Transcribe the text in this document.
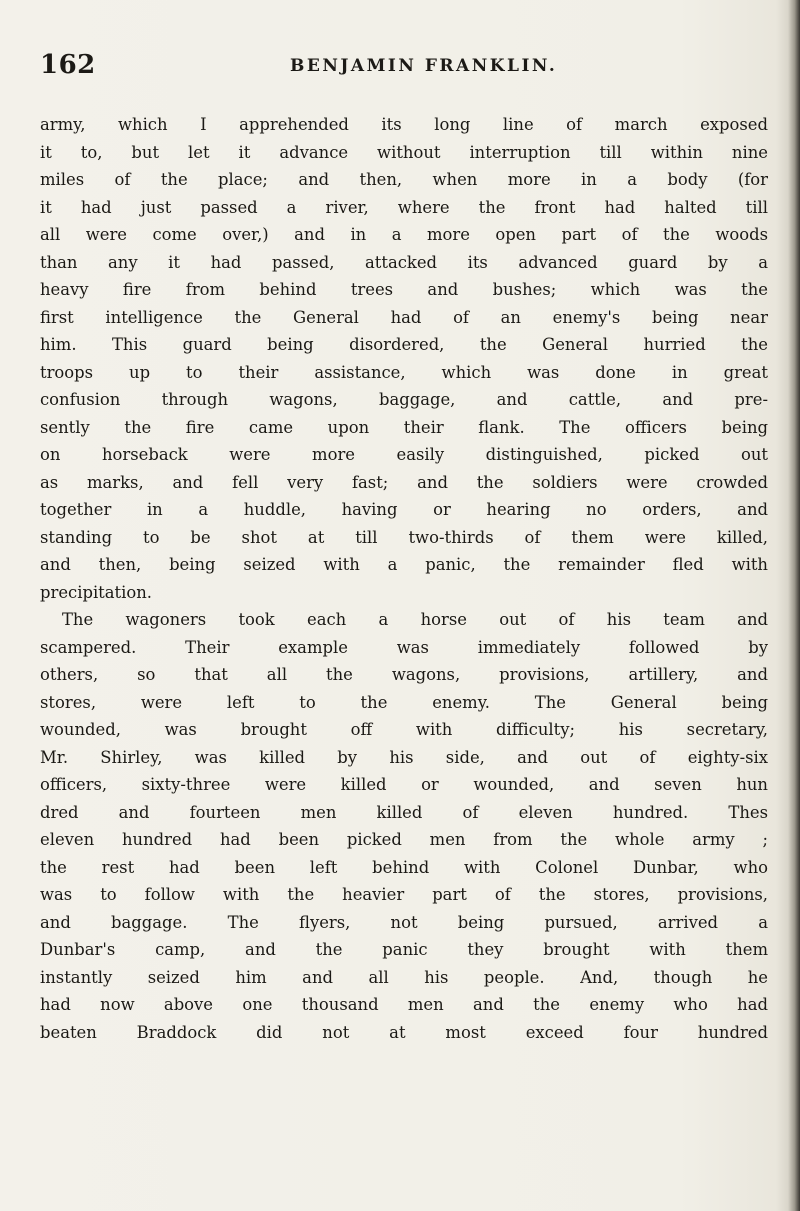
162	BENJAMIN FRANKLIN.
army, which I apprehended its long line of march exposed
it to, but let it advance without interruption till within nine
miles of the place; and then, when more in a body (for
it had just passed a river, where the front had halted till
all were come over,) and in a more open part of the woods
than any it had passed, attacked its advanced guard by a
heavy fire from behind trees and bushes; which was the
first intelligence the General had of an enemy's being near
him. This guard being disordered, the General hurried the
troops up to their assistance, which was done in great
confusion through wagons, baggage, and cattle, and pre-
sently the fire came upon their flank. The officers being
on horseback were more easily distinguished, picked out
as marks, and fell very fast; and the soldiers were crowded
together in a huddle, having or hearing no orders, and
standing to be shot at till two-thirds of them were killed,
and then, being seized with a panic, the remainder fled with
precipitation.
The wagoners took each a horse out of his team and
scampered. Their example was immediately followed by
others, so that all the wagons, provisions, artillery, and
stores, were left to the enemy. The General being
wounded, was brought off with difficulty; his secretary,
Mr. Shirley, was killed by his side, and out of eighty-six
officers, sixty-three were killed or wounded, and seven hun
dred and fourteen men killed of eleven hundred. Thes
eleven hundred had been picked men from the whole army ;
the rest had been left behind with Colonel Dunbar, who
was to follow with the heavier part of the stores, provisions,
and baggage. The flyers, not being pursued, arrived a
Dunbar's camp, and the panic they brought with them
instantly seized him and all his people. And, though he
had now above one thousand men and the enemy who had
beaten Braddock did not at most exceed four hundred
